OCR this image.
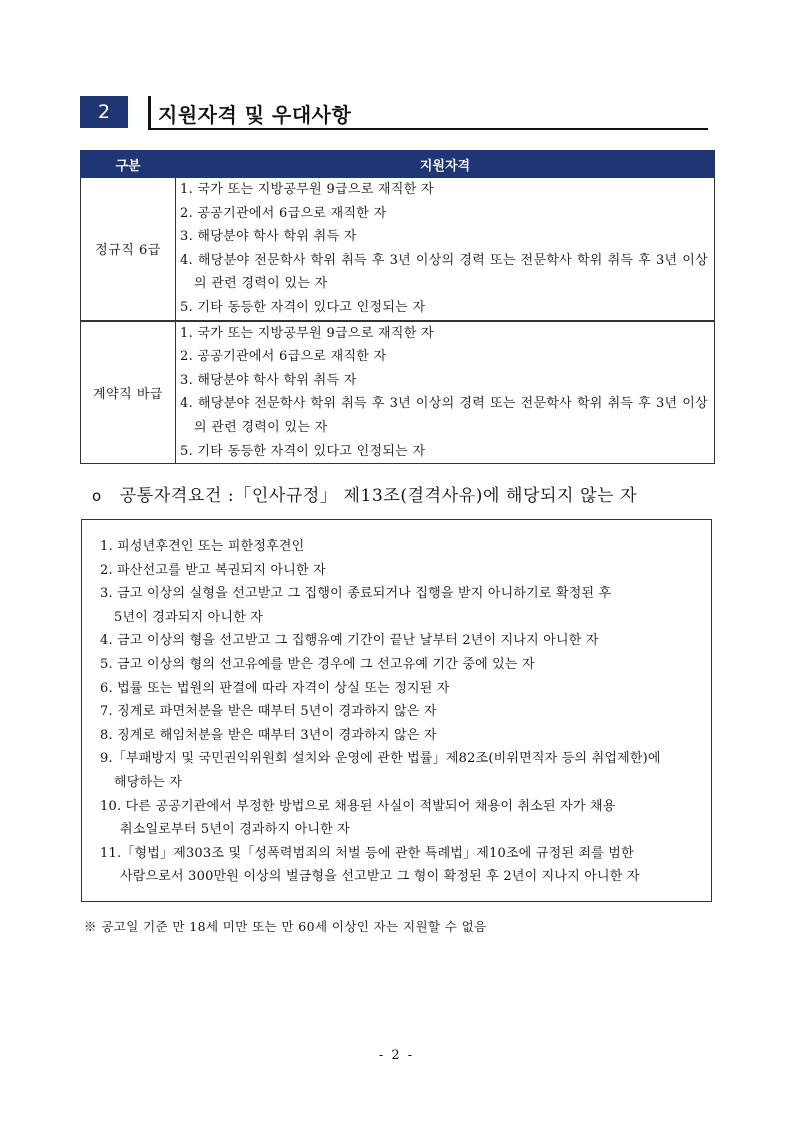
2	지원자격 및 우대사항
구분	지원자격
정규직 6급	1. 국가 또는 지방공무원 9급으로 재직한 자
2. 공공기관에서 6급으로 재직한 자
3. 해당분야 학사 학위 취득 자
4. 해당분야 전문학사 학위 취득 후 3년 이상의 경력 또는 전문학사 학위 취득 후 3년 이상의 관련 경력이 있는 자
5. 기타 동등한 자격이 있다고 인정되는 자

계약직 바급	1. 국가 또는 지방공무원 9급으로 재직한 자
2. 공공기관에서 6급으로 재직한 자
3. 해당분야 학사 학위 취득 자
4. 해당분야 전문학사 학위 취득 후 3년 이상의 경력 또는 전문학사 학위 취득 후 3년 이상의 관련 경력이 있는 자
5. 기타 동등한 자격이 있다고 인정되는 자
o 공통자격요건 :「인사규정」 제13조(결격사유)에 해당되지 않는 자
1. 피성년후견인 또는 피한정후견인
2. 파산선고를 받고 복권되지 아니한 자
3. 금고 이상의 실형을 선고받고 그 집행이 종료되거나 집행을 받지 아니하기로 확정된 후
5년이 경과되지 아니한 자
4. 금고 이상의 형을 선고받고 그 집행유예 기간이 끝난 날부터 2년이 지나지 아니한 자
5. 금고 이상의 형의 선고유예를 받은 경우에 그 선고유예 기간 중에 있는 자
6. 법률 또는 법원의 판결에 따라 자격이 상실 또는 정지된 자
7. 징계로 파면처분을 받은 때부터 5년이 경과하지 않은 자
8. 징계로 해임처분을 받은 때부터 3년이 경과하지 않은 자
9.「부패방지 및 국민권익위원회 설치와 운영에 관한 법률」제82조(비위면직자 등의 취업제한)에
해당하는 자
10. 다른 공공기관에서 부정한 방법으로 채용된 사실이 적발되어 채용이 취소된 자가 채용
취소일로부터 5년이 경과하지 아니한 자
11.「형법」제303조 및「성폭력범죄의 처벌 등에 관한 특례법」제10조에 규정된 죄를 범한
사람으로서 300만원 이상의 벌금형을 선고받고 그 형이 확정된 후 2년이 지나지 아니한 자
※ 공고일 기준 만 18세 미만 또는 만 60세 이상인 자는 지원할 수 없음
- 2 -
